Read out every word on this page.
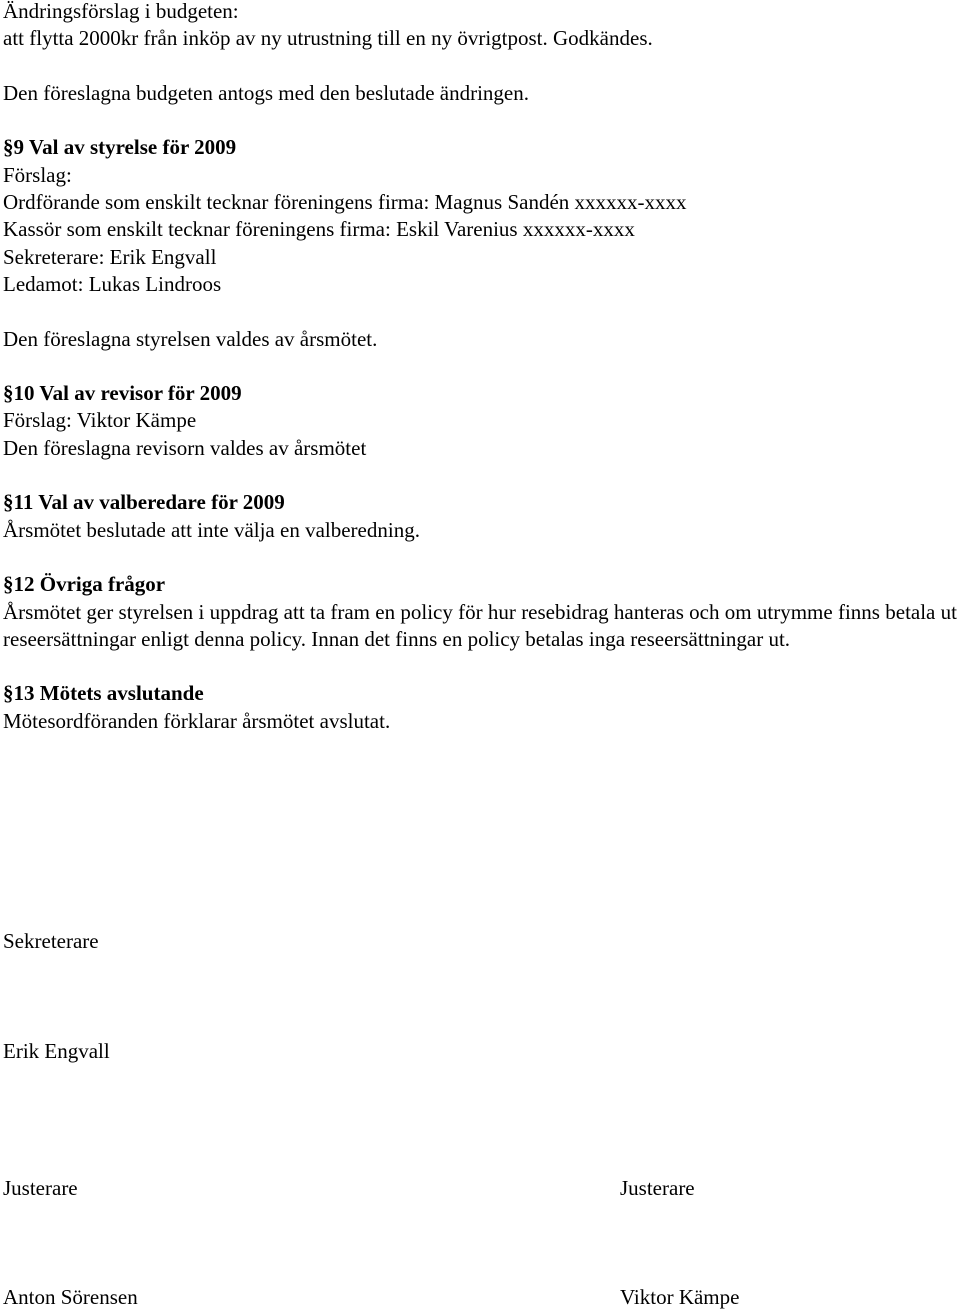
Ändringsförslag i budgeten:
att flytta 2000kr från inköp av ny utrustning till en ny övrigtpost. Godkändes.
Den föreslagna budgeten antogs med den beslutade ändringen.
§9 Val av styrelse för 2009
Förslag:
Ordförande som enskilt tecknar föreningens firma: Magnus Sandén xxxxxx-xxxx
Kassör som enskilt tecknar föreningens firma: Eskil Varenius xxxxxx-xxxx
Sekreterare: Erik Engvall
Ledamot: Lukas Lindroos
Den föreslagna styrelsen valdes av årsmötet.
§10 Val av revisor för 2009
Förslag: Viktor Kämpe
Den föreslagna revisorn valdes av årsmötet
§11 Val av valberedare för 2009
Årsmötet beslutade att inte välja en valberedning.
§12 Övriga frågor
Årsmötet ger styrelsen i uppdrag att ta fram en policy för hur resebidrag hanteras och om utrymme finns betala ut reseersättningar enligt denna policy. Innan det finns en policy betalas inga reseersättningar ut.
§13 Mötets avslutande
Mötesordföranden förklarar årsmötet avslutat.
Sekreterare
Erik Engvall
Justerare	Justerare
Anton Sörensen	Viktor Kämpe
